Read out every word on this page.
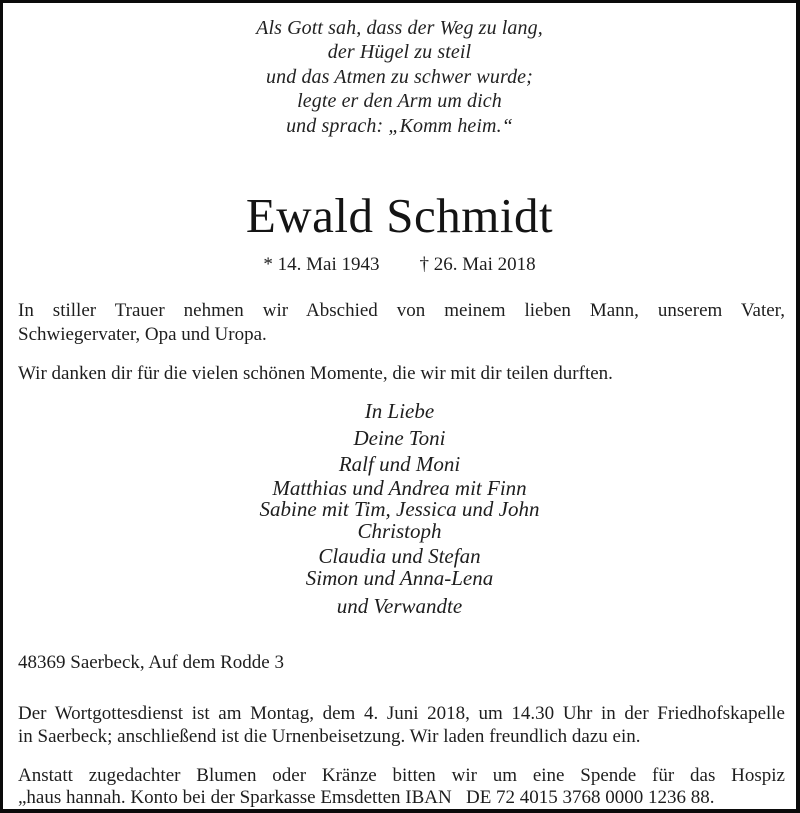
Als Gott sah, dass der Weg zu lang,
der Hügel zu steil
und das Atmen zu schwer wurde;
legte er den Arm um dich
und sprach: „Komm heim.“
Ewald Schmidt
* 14. Mai 1943 † 26. Mai 2018
In stiller Trauer nehmen wir Abschied von meinem lieben Mann, unserem Vater,
Schwiegervater, Opa und Uropa.
Wir danken dir für die vielen schönen Momente, die wir mit dir teilen durften.
In Liebe
Deine Toni
Ralf und Moni
Matthias und Andrea mit Finn
Sabine mit Tim, Jessica und John
Christoph
Claudia und Stefan
Simon und Anna-Lena
und Verwandte
48369 Saerbeck, Auf dem Rodde 3
Der Wortgottesdienst ist am Montag, dem 4. Juni 2018, um 14.30 Uhr in der Friedhofskapelle
in Saerbeck; anschließend ist die Urnenbeisetzung. Wir laden freundlich dazu ein.
Anstatt zugedachter Blumen oder Kränze bitten wir um eine Spende für das Hospiz
„haus hannah. Konto bei der Sparkasse Emsdetten IBAN   DE 72 4015 3768 0000 1236 88.
